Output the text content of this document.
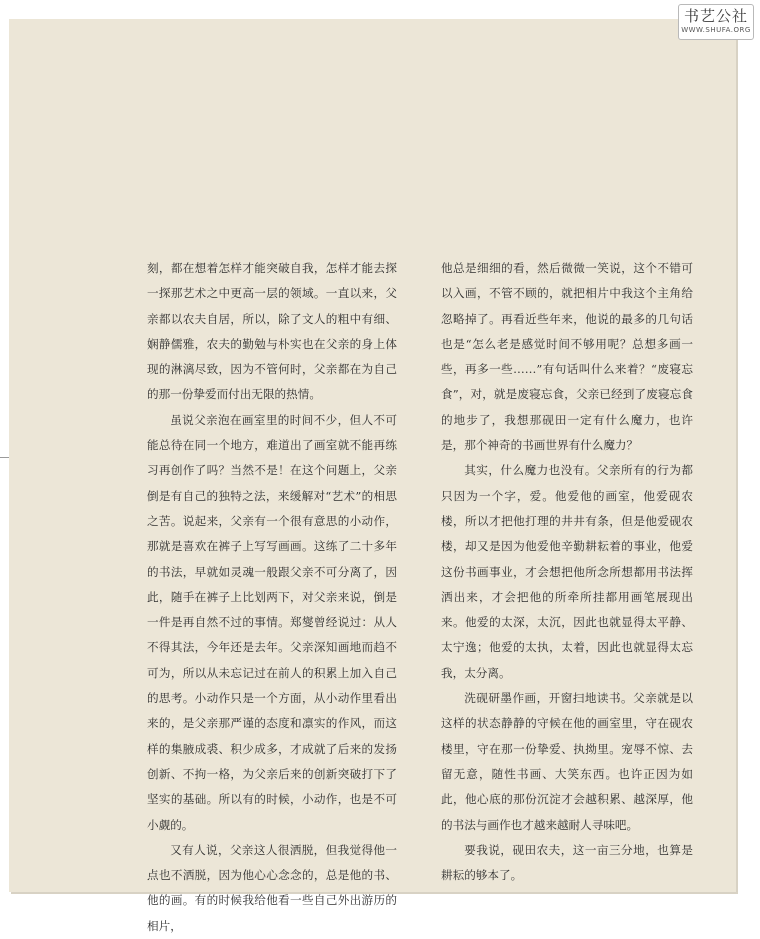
刻，都在想着怎样才能突破自我，怎样才能去探一探那艺术之中更高一层的领域。一直以来，父亲都以农夫自居，所以，除了文人的粗中有细、娴静儒雅，农夫的勤勉与朴实也在父亲的身上体现的淋漓尽致，因为不管何时，父亲都在为自己的那一份挚爱而付出无限的热情。

虽说父亲泡在画室里的时间不少，但人不可能总待在同一个地方，难道出了画室就不能再练习再创作了吗？当然不是！在这个问题上，父亲倒是有自己的独特之法，来缓解对“艺术”的相思之苦。说起来，父亲有一个很有意思的小动作，那就是喜欢在裤子上写写画画。这练了二十多年的书法，早就如灵魂一般跟父亲不可分离了，因此，随手在裤子上比划两下，对父亲来说，倒是一件是再自然不过的事情。郑燮曾经说过：从人不得其法，今年还是去年。父亲深知画地而趋不可为，所以从未忘记过在前人的积累上加入自己的思考。小动作只是一个方面，从小动作里看出来的，是父亲那严谨的态度和凛实的作风，而这样的集腋成裘、积少成多，才成就了后来的发扬创新、不拘一格，为父亲后来的创新突破打下了坚实的基础。所以有的时候，小动作，也是不可小觑的。

又有人说，父亲这人很洒脱，但我觉得他一点也不洒脱，因为他心心念念的，总是他的书、他的画。有的时候我给他看一些自己外出游历的相片，

他总是细细的看，然后微微一笑说，这个不错可以入画，不管不顾的，就把相片中我这个主角给忽略掉了。再看近些年来，他说的最多的几句话也是“怎么老是感觉时间不够用呢？总想多画一些，再多一些……”有句话叫什么来着？“废寝忘食”，对，就是废寝忘食，父亲已经到了废寝忘食的地步了，我想那砚田一定有什么魔力，也许是，那个神奇的书画世界有什么魔力？

其实，什么魔力也没有。父亲所有的行为都只因为一个字，爱。他爱他的画室，他爱砚农楼，所以才把他打理的井井有条，但是他爱砚农楼，却又是因为他爱他辛勤耕耘着的事业，他爱这份书画事业，才会想把他所念所想都用书法挥洒出来，才会把他的所牵所挂都用画笔展现出来。他爱的太深，太沉，因此也就显得太平静、太宁逸；他爱的太执，太着，因此也就显得太忘我，太分离。

洗砚研墨作画，开窗扫地读书。父亲就是以这样的状态静静的守候在他的画室里，守在砚农楼里，守在那一份挚爱、执拗里。宠辱不惊、去留无意，随性书画、大笑东西。也许正因为如此，他心底的那份沉淀才会越积累、越深厚，他的书法与画作也才越来越耐人寻味吧。

要我说，砚田农夫，这一亩三分地，也算是耕耘的够本了。

书艺公社
WWW.SHUFA.ORG
